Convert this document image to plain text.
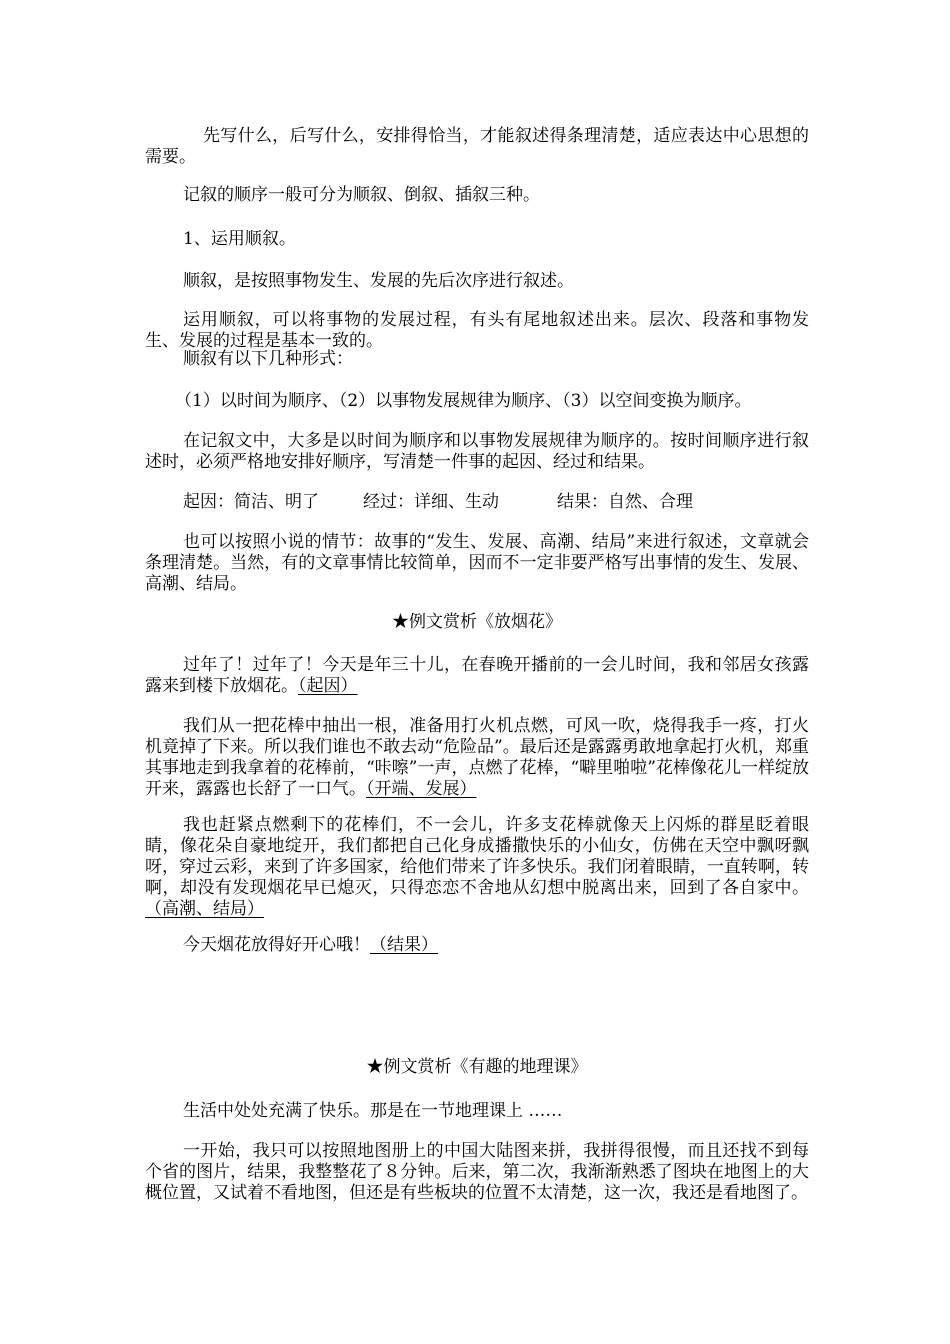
先写什么，后写什么，安排得恰当，才能叙述得条理清楚，适应表达中心思想的需要。

记叙的顺序一般可分为顺叙、倒叙、插叙三种。

1、运用顺叙。

顺叙，是按照事物发生、发展的先后次序进行叙述。

运用顺叙，可以将事物的发展过程，有头有尾地叙述出来。层次、段落和事物发生、发展的过程是基本一致的。

顺叙有以下几种形式：

（1）以时间为顺序、（2）以事物发展规律为顺序、（3）以空间变换为顺序。

在记叙文中，大多是以时间为顺序和以事物发展规律为顺序的。按时间顺序进行叙述时，必须严格地安排好顺序，写清楚一件事的起因、经过和结果。

起因：简洁、明了	经过：详细、生动	结果：自然、合理

也可以按照小说的情节：故事的“发生、发展、高潮、结局”来进行叙述，文章就会条理清楚。当然，有的文章事情比较简单，因而不一定非要严格写出事情的发生、发展、高潮、结局。

★例文赏析《放烟花》

过年了！过年了！今天是年三十儿，在春晚开播前的一会儿时间，我和邻居女孩露露来到楼下放烟花。（起因）

我们从一把花棒中抽出一根，准备用打火机点燃，可风一吹，烧得我手一疼，打火机竟掉了下来。所以我们谁也不敢去动“危险品”。最后还是露露勇敢地拿起打火机，郑重其事地走到我拿着的花棒前，“咔嚓”一声，点燃了花棒，“噼里啪啦”花棒像花儿一样绽放开来，露露也长舒了一口气。（开端、发展）

我也赶紧点燃剩下的花棒们，不一会儿，许多支花棒就像天上闪烁的群星眨着眼睛，像花朵自豪地绽开，我们都把自己化身成播撒快乐的小仙女，仿佛在天空中飘呀飘呀，穿过云彩，来到了许多国家，给他们带来了许多快乐。我们闭着眼睛，一直转啊，转啊，却没有发现烟花早已熄灭，只得恋恋不舍地从幻想中脱离出来，回到了各自家中。（高潮、结局）

今天烟花放得好开心哦！（结果）

★例文赏析《有趣的地理课》

生活中处处充满了快乐。那是在一节地理课上 ……

一开始，我只可以按照地图册上的中国大陆图来拼，我拼得很慢，而且还找不到每个省的图片，结果，我整整花了８分钟。后来，第二次，我渐渐熟悉了图块在地图上的大概位置，又试着不看地图，但还是有些板块的位置不太清楚，这一次，我还是看地图了。
